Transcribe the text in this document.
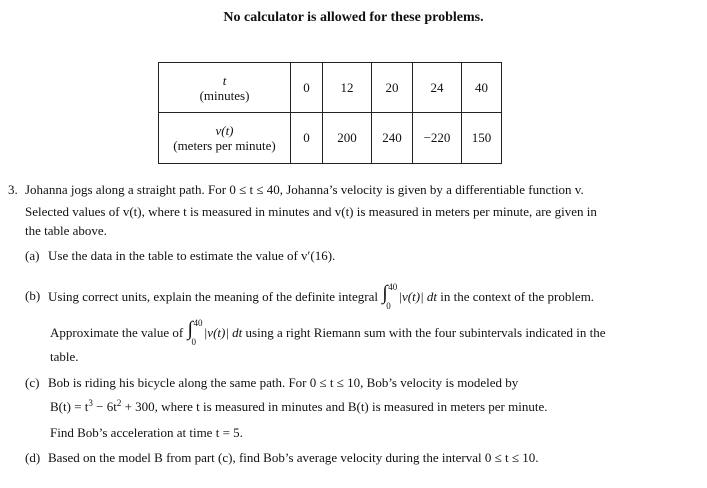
No calculator is allowed for these problems.
t
(minutes)	0	12	20	24	40

v(t)
(meters per minute)	0	200	240	−220	150
3. Johanna jogs along a straight path. For 0 ≤ t ≤ 40, Johanna’s velocity is given by a differentiable function v.
Selected values of v(t), where t is measured in minutes and v(t) is measured in meters per minute, are given in
the table above.
(a) Use the data in the table to estimate the value of v′(16).
(b) Using correct units, explain the meaning of the definite integral ∫ 40
0
|v(t)| dt in the context of the problem.
Approximate the value of ∫ 40
0
|v(t)| dt using a right Riemann sum with the four subintervals indicated in the
table.
(c) Bob is riding his bicycle along the same path. For 0 ≤ t ≤ 10, Bob’s velocity is modeled by
$B(t) = t^3 - 6t^2 + 300$, where t is measured in minutes and B(t) is measured in meters per minute.
Find Bob’s acceleration at time t = 5.
(d) Based on the model B from part (c), find Bob’s average velocity during the interval 0 ≤ t ≤ 10.
